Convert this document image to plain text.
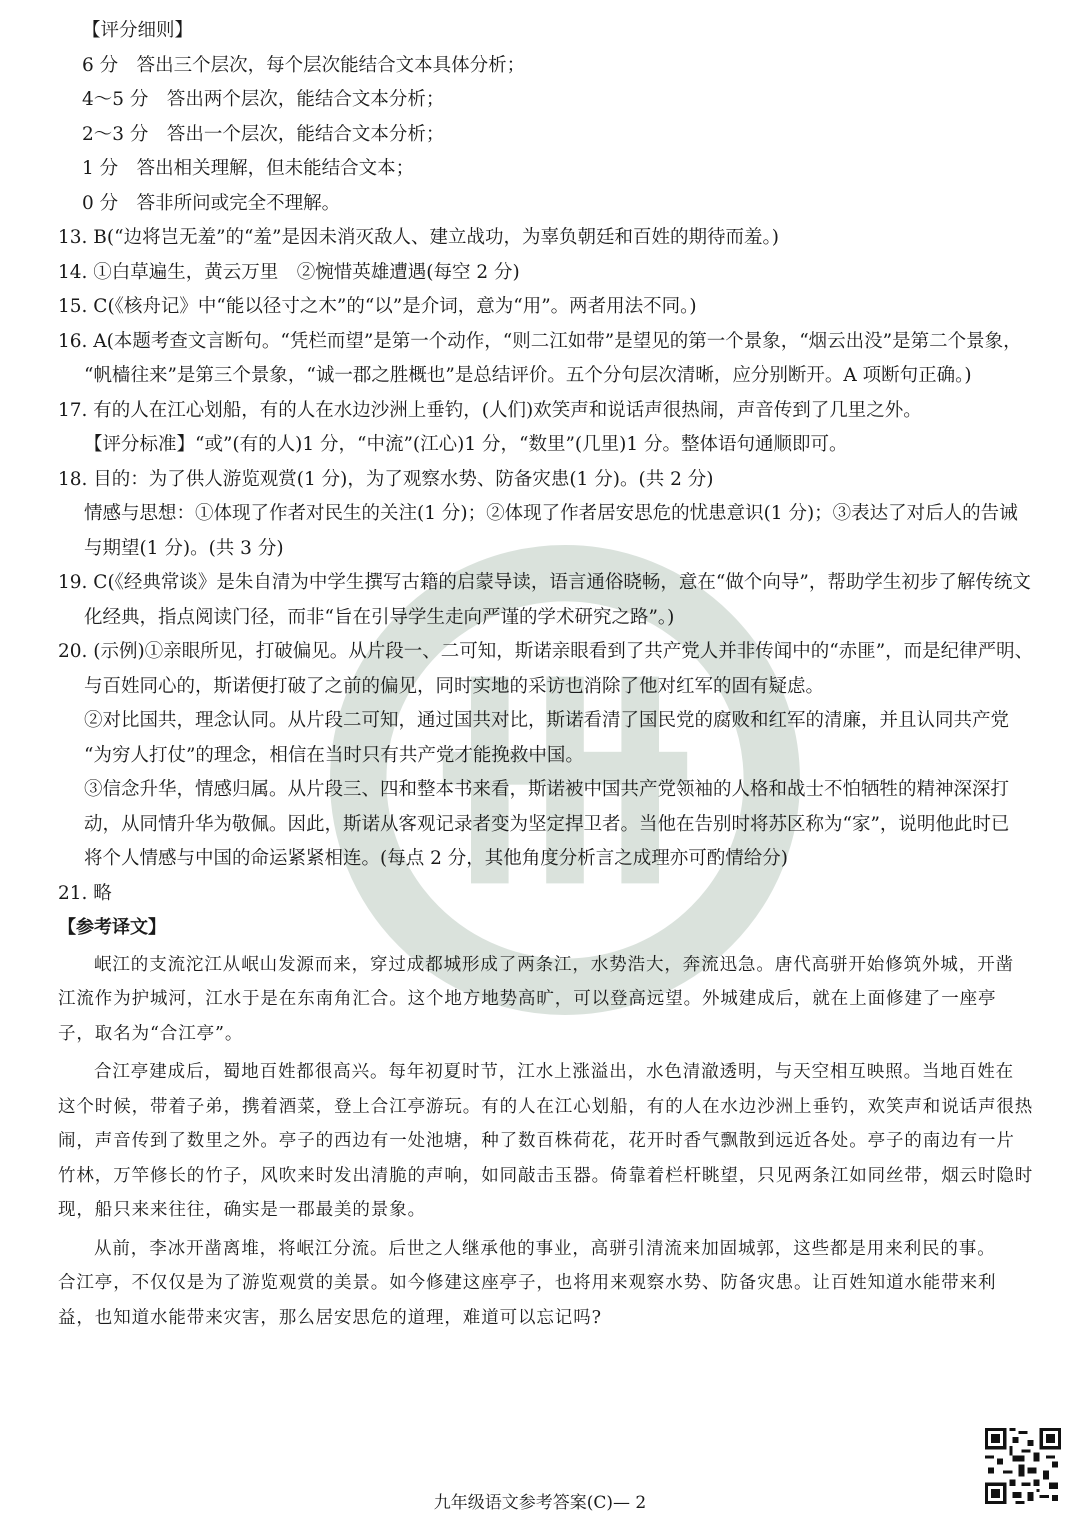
【评分细则】
6 分　答出三个层次，每个层次能结合文本具体分析；
4～5 分　答出两个层次，能结合文本分析；
2～3 分　答出一个层次，能结合文本分析；
1 分　答出相关理解，但未能结合文本；
0 分　答非所问或完全不理解。
13. B(“边将岂无羞”的“羞”是因未消灭敌人、建立战功，为辜负朝廷和百姓的期待而羞。)
14. ①白草遍生，黄云万里　②惋惜英雄遭遇(每空 2 分)
15. C(《核舟记》中“能以径寸之木”的“以”是介词，意为“用”。两者用法不同。)
16. A(本题考查文言断句。“凭栏而望”是第一个动作，“则二江如带”是望见的第一个景象，“烟云出没”是第二个景象，
“帆樯往来”是第三个景象，“诚一郡之胜概也”是总结评价。五个分句层次清晰，应分别断开。A 项断句正确。)
17. 有的人在江心划船，有的人在水边沙洲上垂钓，(人们)欢笑声和说话声很热闹，声音传到了几里之外。
【评分标准】“或”(有的人)1 分，“中流”(江心)1 分，“数里”(几里)1 分。整体语句通顺即可。
18. 目的：为了供人游览观赏(1 分)，为了观察水势、防备灾患(1 分)。(共 2 分)
情感与思想：①体现了作者对民生的关注(1 分)；②体现了作者居安思危的忧患意识(1 分)；③表达了对后人的告诫
与期望(1 分)。(共 3 分)
19. C(《经典常谈》是朱自清为中学生撰写古籍的启蒙导读，语言通俗晓畅，意在“做个向导”，帮助学生初步了解传统文
化经典，指点阅读门径，而非“旨在引导学生走向严谨的学术研究之路”。)
20. (示例)①亲眼所见，打破偏见。从片段一、二可知，斯诺亲眼看到了共产党人并非传闻中的“赤匪”，而是纪律严明、
与百姓同心的，斯诺便打破了之前的偏见，同时实地的采访也消除了他对红军的固有疑虑。
②对比国共，理念认同。从片段二可知，通过国共对比，斯诺看清了国民党的腐败和红军的清廉，并且认同共产党
“为穷人打仗”的理念，相信在当时只有共产党才能挽救中国。
③信念升华，情感归属。从片段三、四和整本书来看，斯诺被中国共产党领袖的人格和战士不怕牺牲的精神深深打
动，从同情升华为敬佩。因此，斯诺从客观记录者变为坚定捍卫者。当他在告别时将苏区称为“家”，说明他此时已
将个人情感与中国的命运紧紧相连。(每点 2 分，其他角度分析言之成理亦可酌情给分)
21. 略
【参考译文】

岷江的支流沱江从岷山发源而来，穿过成都城形成了两条江，水势浩大，奔流迅急。唐代高骈开始修筑外城，开凿

江流作为护城河，江水于是在东南角汇合。这个地方地势高旷，可以登高远望。外城建成后，就在上面修建了一座亭

子，取名为“合江亭”。

合江亭建成后，蜀地百姓都很高兴。每年初夏时节，江水上涨溢出，水色清澈透明，与天空相互映照。当地百姓在

这个时候，带着子弟，携着酒菜，登上合江亭游玩。有的人在江心划船，有的人在水边沙洲上垂钓，欢笑声和说话声很热

闹，声音传到了数里之外。亭子的西边有一处池塘，种了数百株荷花，花开时香气飘散到远近各处。亭子的南边有一片

竹林，万竿修长的竹子，风吹来时发出清脆的声响，如同敲击玉器。倚靠着栏杆眺望，只见两条江如同丝带，烟云时隐时

现，船只来来往往，确实是一郡最美的景象。

从前，李冰开凿离堆，将岷江分流。后世之人继承他的事业，高骈引清流来加固城郭，这些都是用来利民的事。

合江亭，不仅仅是为了游览观赏的美景。如今修建这座亭子，也将用来观察水势、防备灾患。让百姓知道水能带来利

益，也知道水能带来灾害，那么居安思危的道理，难道可以忘记吗?

九年级语文参考答案(C)— 2
